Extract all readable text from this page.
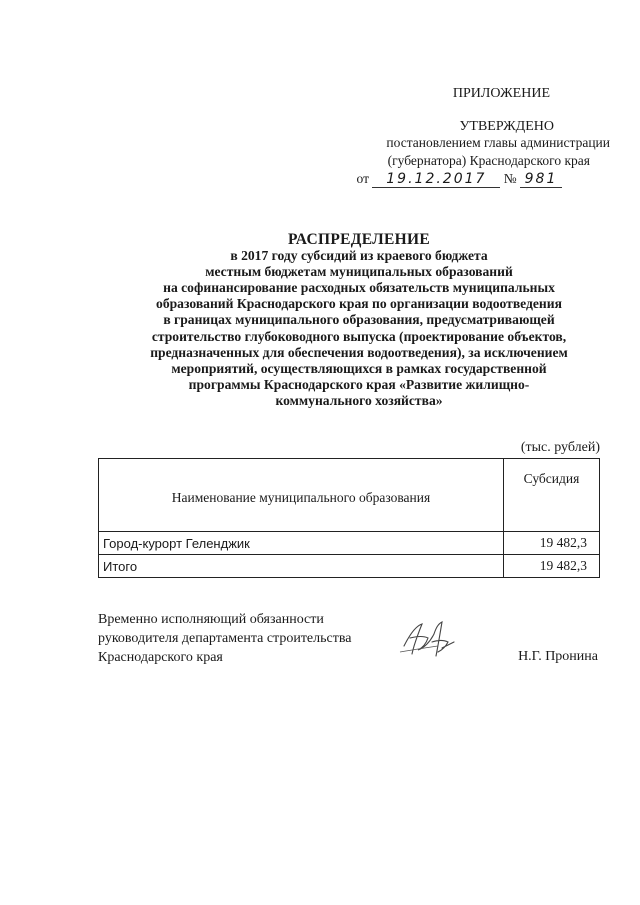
ПРИЛОЖЕНИЕ
УТВЕРЖДЕНО
постановлением главы администрации
(губернатора) Краснодарского края
от 19.12.2017 № 981
РАСПРЕДЕЛЕНИЕ
в 2017 году субсидий из краевого бюджета
местным бюджетам муниципальных образований
на софинансирование расходных обязательств муниципальных
образований Краснодарского края по организации водоотведения
в границах муниципального образования, предусматривающей
строительство глубоководного выпуска (проектирование объектов,
предназначенных для обеспечения водоотведения), за исключением
мероприятий, осуществляющихся в рамках государственной
программы Краснодарского края «Развитие жилищно-
коммунального хозяйства»
(тыс. рублей)
Наименование муниципального образования	Субсидия
Город-курорт Геленджик	19 482,3
Итого	19 482,3
Временно исполняющий обязанности
руководителя департамента строительства
Краснодарского края	Н.Г. Пронина
